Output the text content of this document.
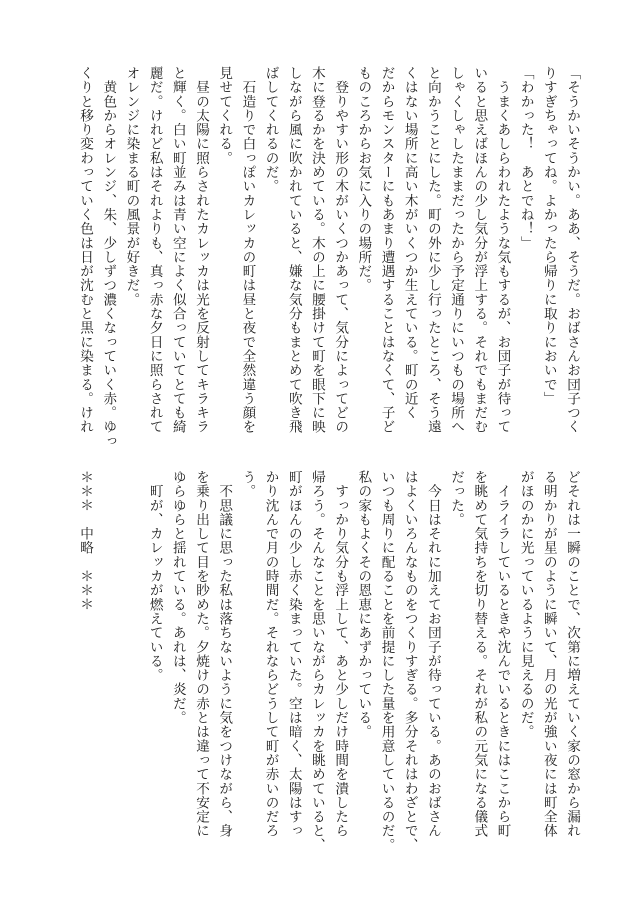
「そうかいそうかい。ああ、そうだ。おばさんお団子つく
りすぎちゃってね。よかったら帰りに取りにおいで」
「わかった！　あとでね！」
　うまくあしらわれたような気もするが、お団子が待って
いると思えばほんの少し気分が浮上する。それでもまだむ
しゃくしゃしたままだったから予定通りにいつもの場所へ
と向かうことにした。町の外に少し行ったところ、そう遠
くはない場所に高い木がいくつか生えている。町の近く
だからモンスターにもあまり遭遇することはなくて、子ど
ものころからお気に入りの場所だ。
　登りやすい形の木がいくつかあって、気分によってどの
木に登るかを決めている。木の上に腰掛けて町を眼下に映
しながら風に吹かれていると、嫌な気分もまとめて吹き飛
ばしてくれるのだ。
　石造りで白っぽいカレッカの町は昼と夜で全然違う顔を
見せてくれる。
　昼の太陽に照らされたカレッカは光を反射してキラキラ
と輝く。白い町並みは青い空によく似合っていてとても綺
麗だ。けれど私はそれよりも、真っ赤な夕日に照らされて
オレンジに染まる町の風景が好きだ。
　黄色からオレンジ、朱、少しずつ濃くなっていく赤。ゆっ
くりと移り変わっていく色は日が沈むと黒に染まる。けれ
どそれは一瞬のことで、次第に増えていく家の窓から漏れ
る明かりが星のように瞬いて、月の光が強い夜には町全体
がほのかに光っているように見えるのだ。
　イライラしているときや沈んでいるときにはここから町
を眺めて気持ちを切り替える。それが私の元気になる儀式
だった。
　今日はそれに加えてお団子が待っている。あのおばさん
はよくいろんなものをつくりすぎる。多分それはわざとで、
いつも周りに配ることを前提にした量を用意しているのだ。
私の家もよくその恩恵にあずかっている。
　すっかり気分も浮上して、あと少しだけ時間を潰したら
帰ろう。そんなことを思いながらカレッカを眺めていると、
町がほんの少し赤く染まっていた。空は暗く、太陽はすっ
かり沈んで月の時間だ。それならどうして町が赤いのだろ
う。
　不思議に思った私は落ちないように気をつけながら、身
を乗り出して目を眇めた。夕焼けの赤とは違って不安定に
ゆらゆらと揺れている。あれは、炎だ。
　町が、カレッカが燃えている。
＊＊＊　中略　＊＊＊
